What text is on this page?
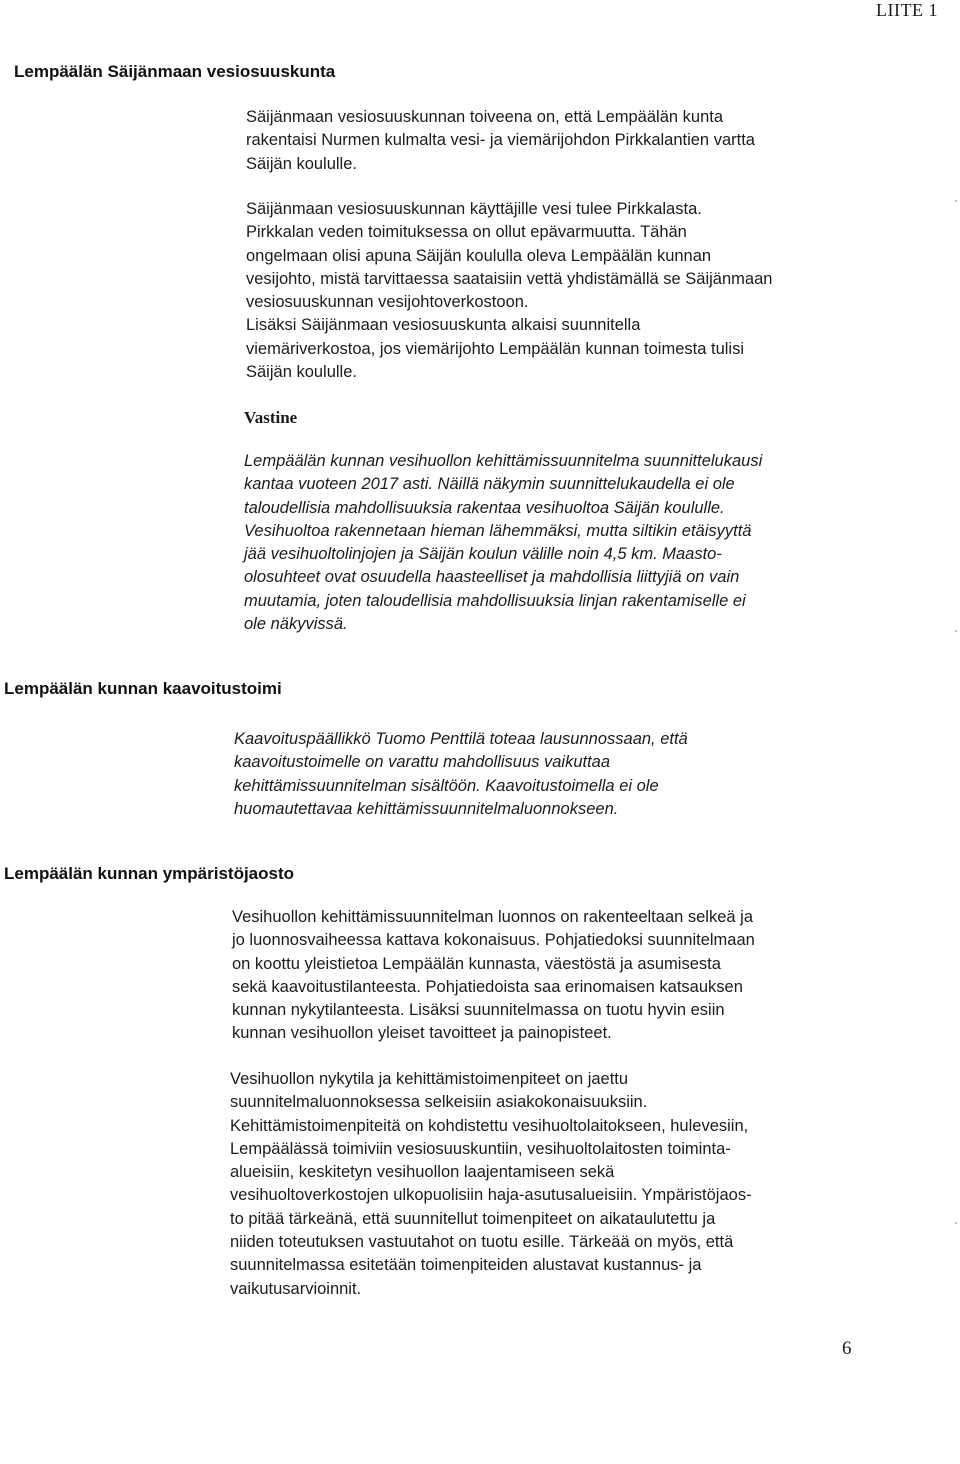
LIITE 1
Lempäälän Säijänmaan vesiosuuskunta
Säijänmaan vesiosuuskunnan toiveena on, että Lempäälän kunta
rakentaisi Nurmen kulmalta vesi- ja viemärijohdon Pirkkalantien vartta
Säijän koululle.
Säijänmaan vesiosuuskunnan käyttäjille vesi tulee Pirkkalasta.
Pirkkalan veden toimituksessa on ollut epävarmuutta. Tähän
ongelmaan olisi apuna Säijän koululla oleva Lempäälän kunnan
vesijohto, mistä tarvittaessa saataisiin vettä yhdistämällä se Säijänmaan
vesiosuuskunnan vesijohtoverkostoon.
Lisäksi Säijänmaan vesiosuuskunta alkaisi suunnitella
viemäriverkostoa, jos viemärijohto Lempäälän kunnan toimesta tulisi
Säijän koululle.
Vastine
Lempäälän kunnan vesihuollon kehittämissuunnitelma suunnittelukausi
kantaa vuoteen 2017 asti. Näillä näkymin suunnittelukaudella ei ole
taloudellisia mahdollisuuksia rakentaa vesihuoltoa Säijän koululle.
Vesihuoltoa rakennetaan hieman lähemmäksi, mutta siltikin etäisyyttä
jää vesihuoltolinjojen ja Säijän koulun välille noin 4,5 km. Maasto-
olosuhteet ovat osuudella haasteelliset ja mahdollisia liittyjiä on vain
muutamia, joten taloudellisia mahdollisuuksia linjan rakentamiselle ei
ole näkyvissä.
Lempäälän kunnan kaavoitustoimi
Kaavoituspäällikkö Tuomo Penttilä toteaa lausunnossaan, että
kaavoitustoimelle on varattu mahdollisuus vaikuttaa
kehittämissuunnitelman sisältöön. Kaavoitustoimella ei ole
huomautettavaa kehittämissuunnitelmaluonnokseen.
Lempäälän kunnan ympäristöjaosto
Vesihuollon kehittämissuunnitelman luonnos on rakenteeltaan selkeä ja
jo luonnosvaiheessa kattava kokonaisuus. Pohjatiedoksi suunnitelmaan
on koottu yleistietoa Lempäälän kunnasta, väestöstä ja asumisesta
sekä kaavoitustilanteesta. Pohjatiedoista saa erinomaisen katsauksen
kunnan nykytilanteesta. Lisäksi suunnitelmassa on tuotu hyvin esiin
kunnan vesihuollon yleiset tavoitteet ja painopisteet.
Vesihuollon nykytila ja kehittämistoimenpiteet on jaettu
suunnitelmaluonnoksessa selkeisiin asiakokonaisuuksiin.
Kehittämistoimenpiteitä on kohdistettu vesihuoltolaitokseen, hulevesiin,
Lempäälässä toimiviin vesiosuuskuntiin, vesihuoltolaitosten toiminta-
alueisiin, keskitetyn vesihuollon laajentamiseen sekä
vesihuoltoverkostojen ulkopuolisiin haja-asutusalueisiin. Ympäristöjaos-
to pitää tärkeänä, että suunnitellut toimenpiteet on aikataulutettu ja
niiden toteutuksen vastuutahot on tuotu esille. Tärkeää on myös, että
suunnitelmassa esitetään toimenpiteiden alustavat kustannus- ja
vaikutusarvioinnit.
6
